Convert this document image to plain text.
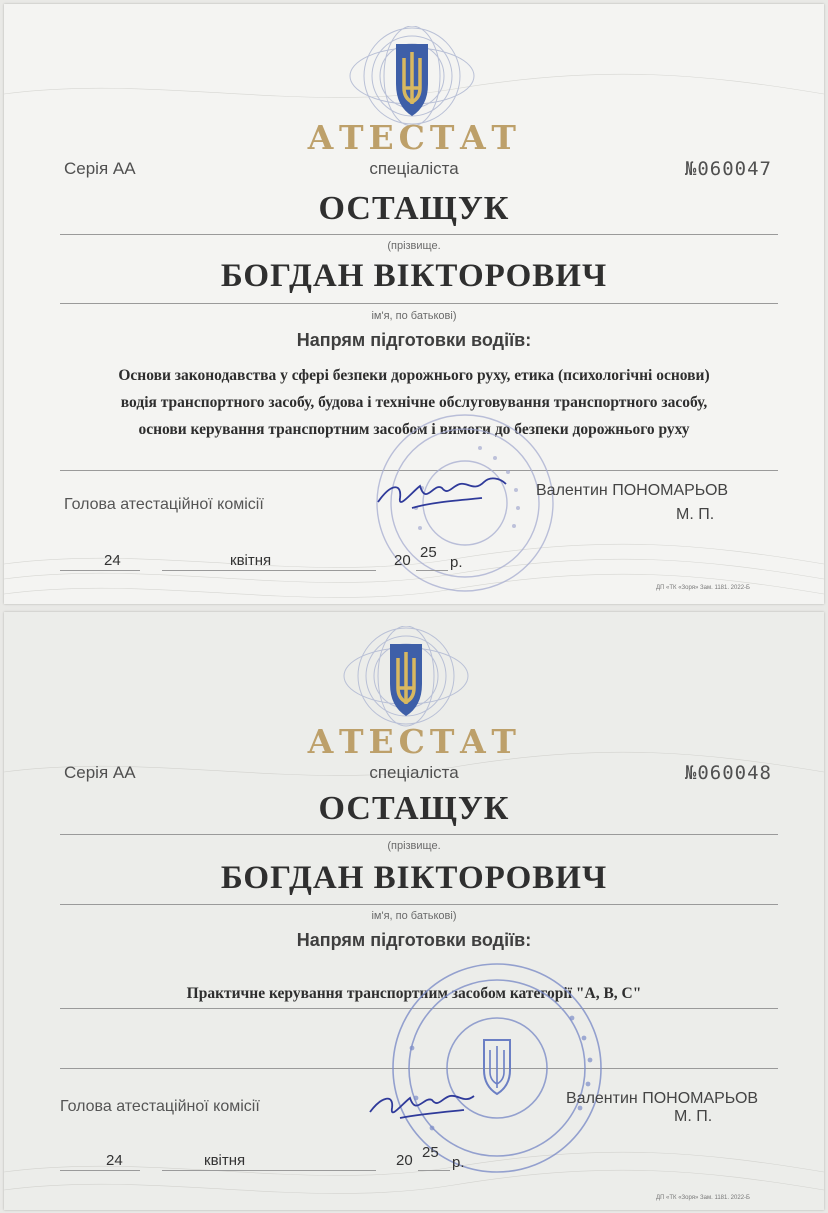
АТЕСТАТ
спеціаліста
Серія АА	№060047
ОСТАЩУК
(прізвище.
БОГДАН ВІКТОРОВИЧ
ім'я, по батькові)
Напрям підготовки водіїв:
Основи законодавства у сфері безпеки дорожнього руху, етика (психологічні основи)
водія транспортного засобу, будова і технічне обслуговування транспортного засобу,
основи керування транспортним засобом і вимоги до безпеки дорожнього руху
Голова атестаційної комісії
Валентин ПОНОМАРЬОВ
М. П.
24	квітня	20 25
р.
ДП «ТК «Зоря» Зам. 1181. 2022-Б
АТЕСТАТ
спеціаліста
Серія АА	№060048
ОСТАЩУК
(прізвище.
БОГДАН ВІКТОРОВИЧ
ім'я, по батькові)
Напрям підготовки водіїв:
Практичне керування транспортним засобом категорії "А, В, С"
Голова атестаційної комісії	Валентин ПОНОМАРЬОВ
М. П.
24	квітня	20 25
р.
ДП «ТК «Зоря» Зам. 1181. 2022-Б
